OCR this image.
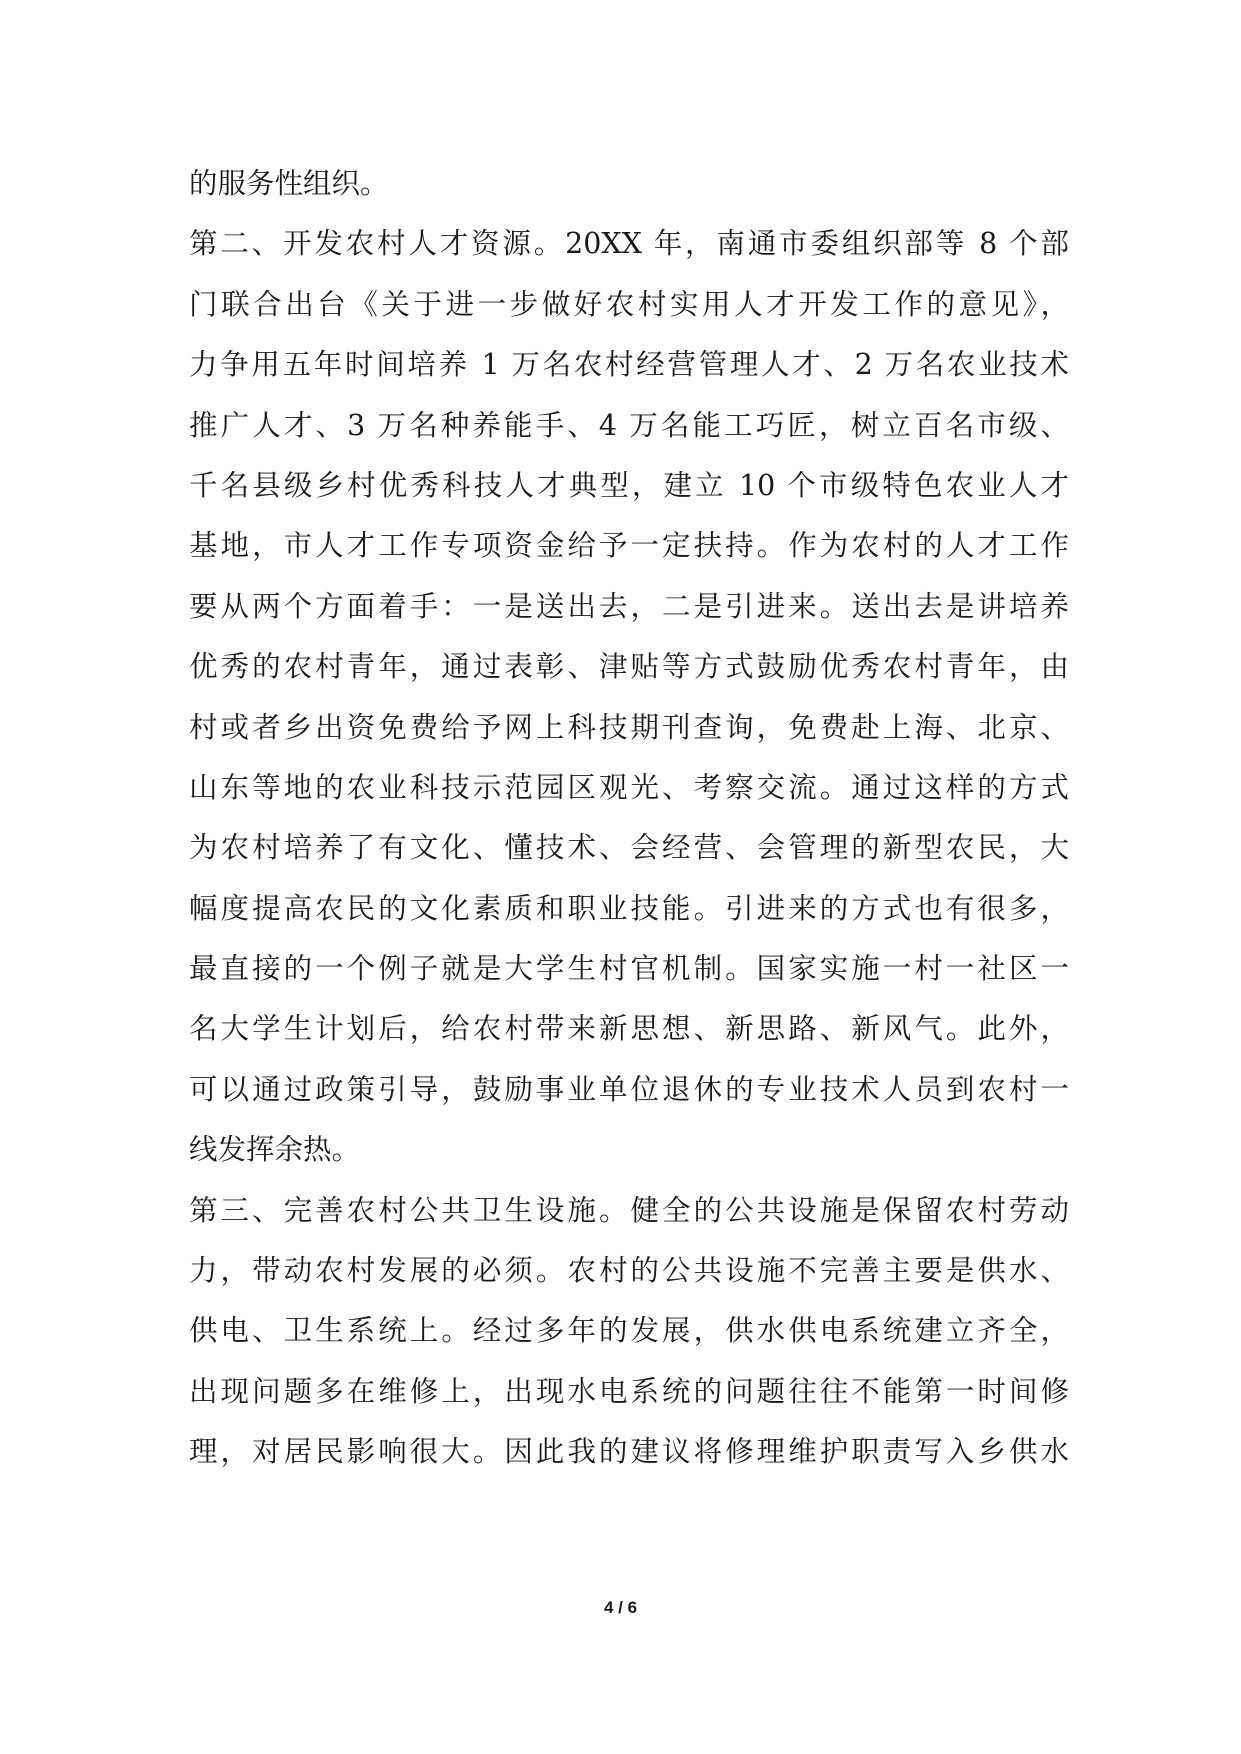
的服务性组织。
第二、开发农村人才资源。20XX 年，南通市委组织部等 8 个部
门联合出台《关于进一步做好农村实用人才开发工作的意见》，
力争用五年时间培养 1 万名农村经营管理人才、2 万名农业技术
推广人才、3 万名种养能手、4 万名能工巧匠，树立百名市级、
千名县级乡村优秀科技人才典型，建立 10 个市级特色农业人才
基地，市人才工作专项资金给予一定扶持。作为农村的人才工作
要从两个方面着手：一是送出去，二是引进来。送出去是讲培养
优秀的农村青年，通过表彰、津贴等方式鼓励优秀农村青年，由
村或者乡出资免费给予网上科技期刊查询，免费赴上海、北京、
山东等地的农业科技示范园区观光、考察交流。通过这样的方式
为农村培养了有文化、懂技术、会经营、会管理的新型农民，大
幅度提高农民的文化素质和职业技能。引进来的方式也有很多，
最直接的一个例子就是大学生村官机制。国家实施一村一社区一
名大学生计划后，给农村带来新思想、新思路、新风气。此外，
可以通过政策引导，鼓励事业单位退休的专业技术人员到农村一
线发挥余热。
第三、完善农村公共卫生设施。健全的公共设施是保留农村劳动
力，带动农村发展的必须。农村的公共设施不完善主要是供水、
供电、卫生系统上。经过多年的发展，供水供电系统建立齐全，
出现问题多在维修上，出现水电系统的问题往往不能第一时间修
理，对居民影响很大。因此我的建议将修理维护职责写入乡供水
4 / 6
